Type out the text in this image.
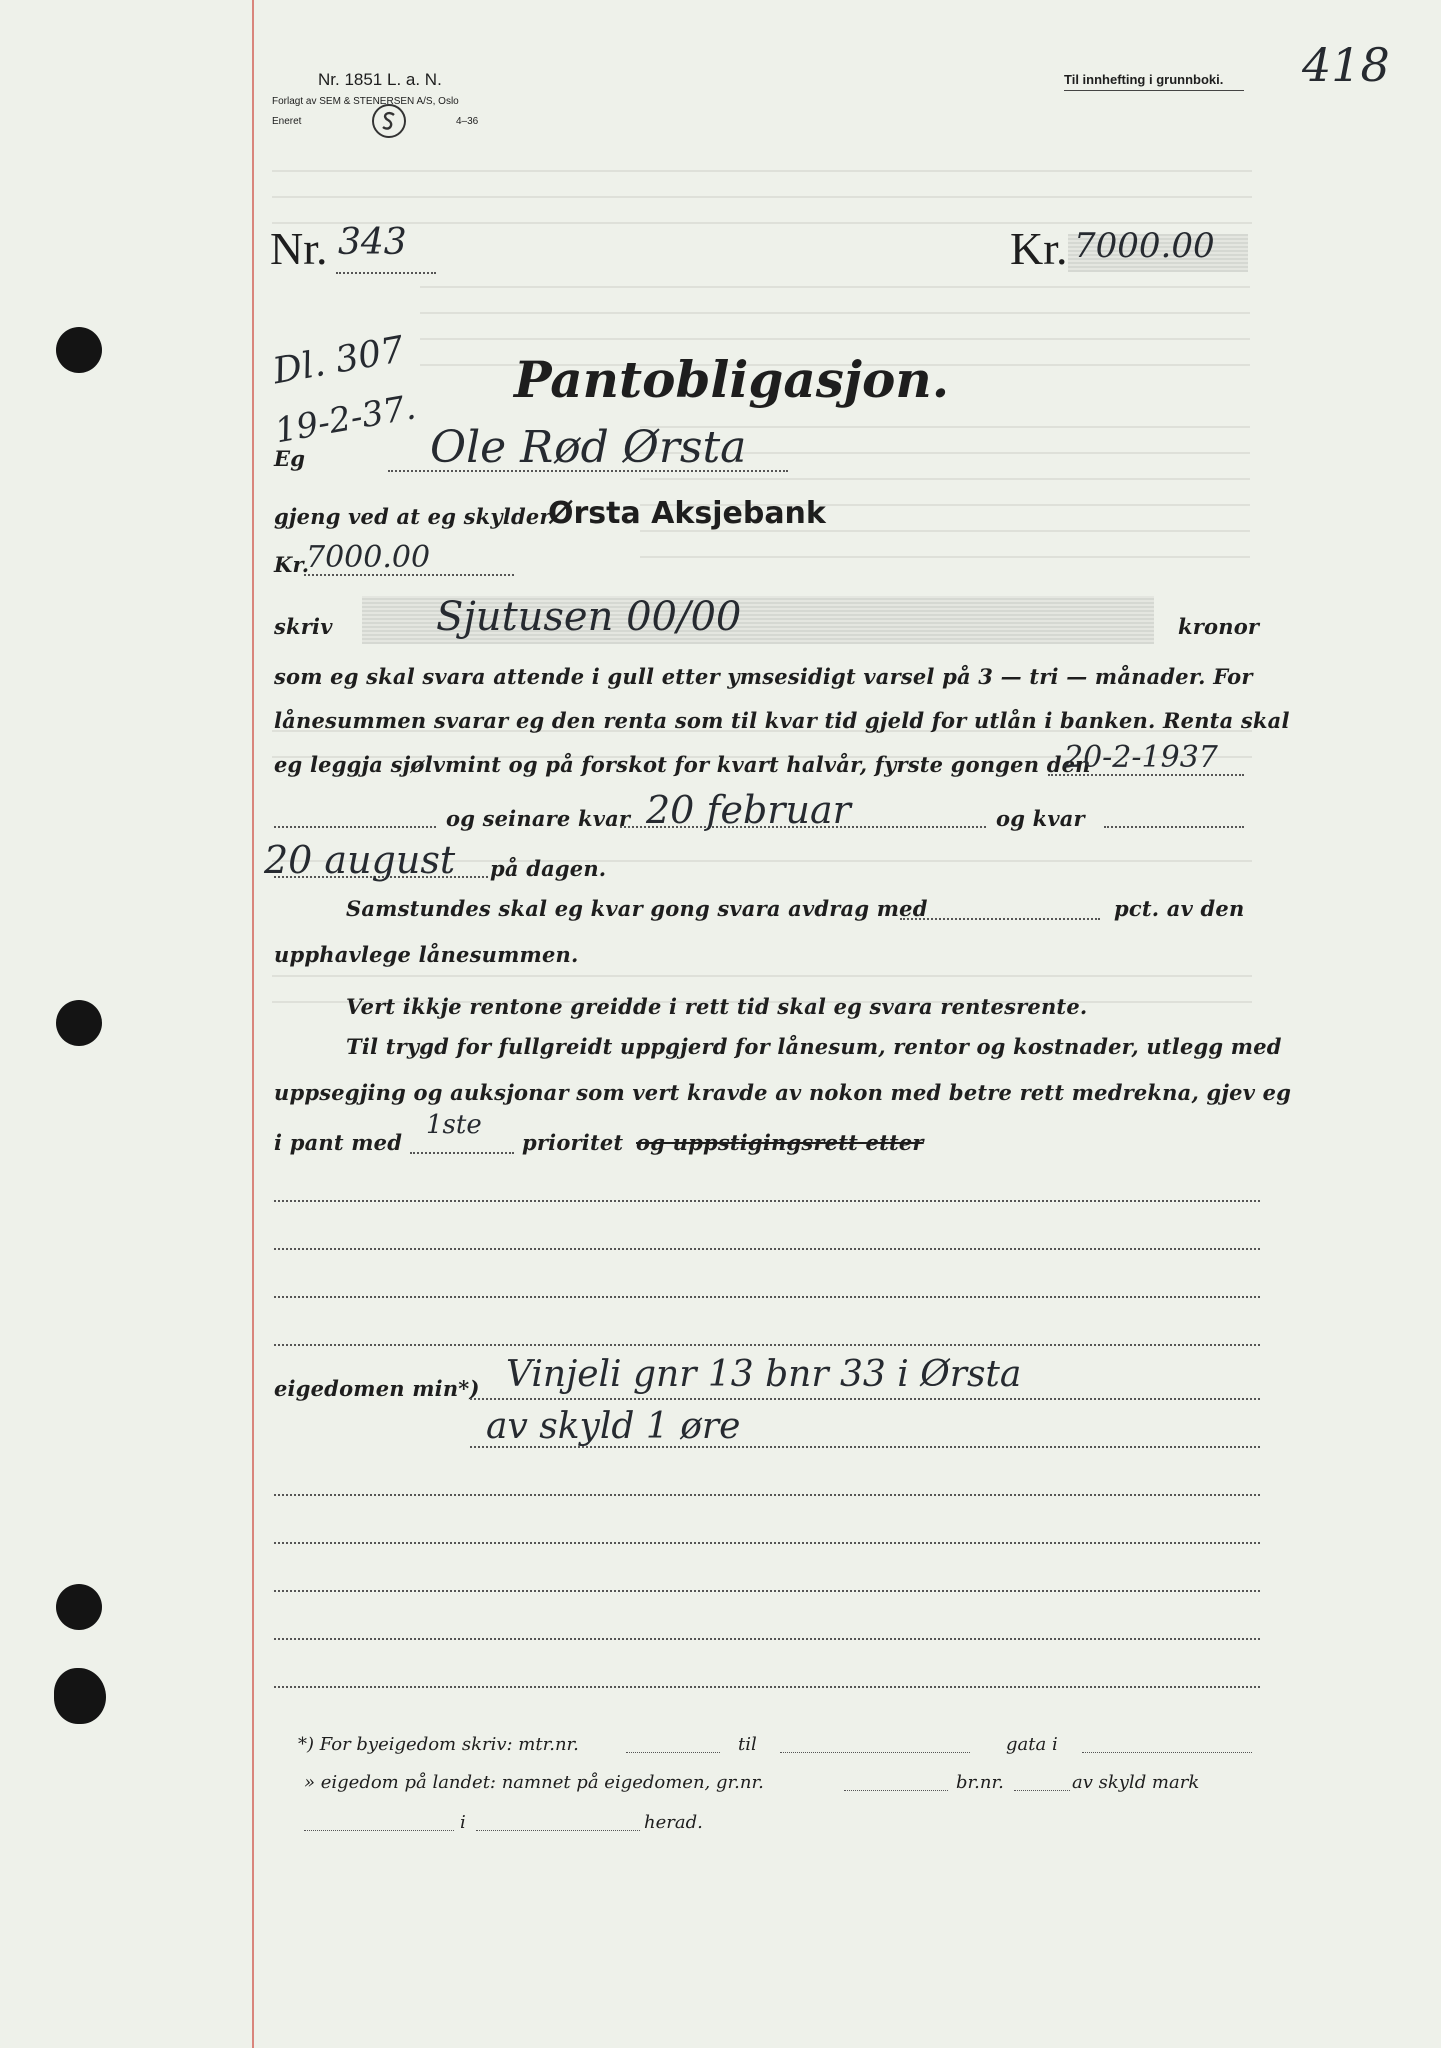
Nr. 1851 L. a. N.
Forlagt av SEM & STENERSEN A/S, Oslo
Eneret	4–36
Til innhefting i grunnboki. 418
Nr. 343	Kr. 7000.00
Dl. 307
19-2-37.
Pantobligasjon.
Eg	Ole Rød Ørsta
gjeng ved at eg skylder
Ørsta Aksjebank
Kr.
7000.00
skriv	Sjutusen 00/00	kronor
som eg skal svara attende i gull etter ymsesidigt varsel på 3 — tri — månader. For
lånesummen svarar eg den renta som til kvar tid gjeld for utlån i banken. Renta skal
eg leggja sjølvmint og på forskot for kvart halvår, fyrste gongen den
20-2-1937
og seinare kvar 20 februar	og kvar
20 august på dagen.
Samstundes skal eg kvar gong svara avdrag med	pct. av den
upphavlege lånesummen.
Vert ikkje rentone greidde i rett tid skal eg svara rentesrente.
Til trygd for fullgreidt uppgjerd for lånesum, rentor og kostnader, utlegg med
uppsegjing og auksjonar som vert kravde av nokon med betre rett medrekna, gjev eg
i pant med
1ste
prioritet og uppstigingsrett etter
eigedomen min*) Vinjeli gnr 13 bnr 33 i Ørsta
av skyld 1 øre
*) For byeigedom skriv: mtr.nr.	til	gata i
» eigedom på landet: namnet på eigedomen, gr.nr.	br.nr.	av skyld mark
i	herad.
